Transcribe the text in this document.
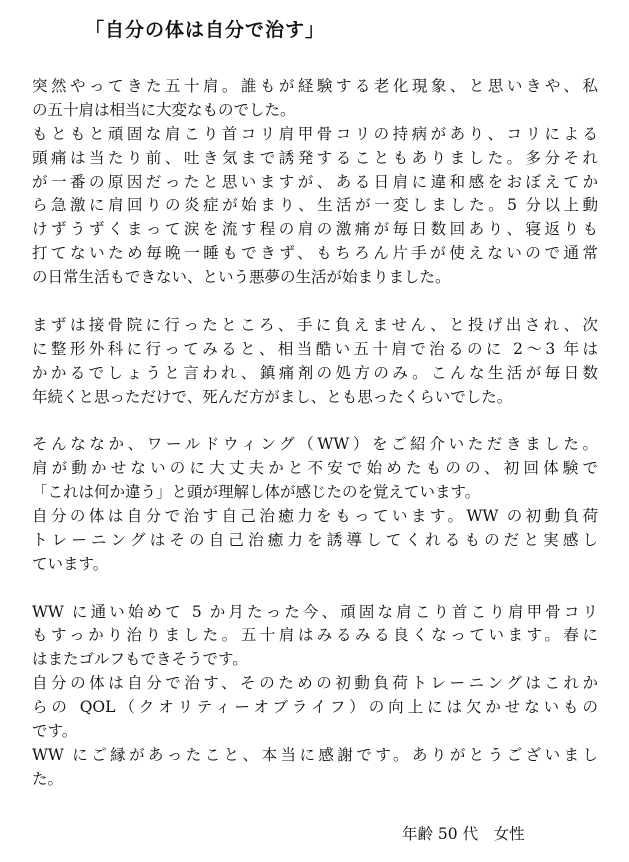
「自分の体は自分で治す」
突然やってきた五十肩。誰もが経験する老化現象、と思いきや、私
の五十肩は相当に大変なものでした。
もともと頑固な肩こり首コリ肩甲骨コリの持病があり、コリによる
頭痛は当たり前、吐き気まで誘発することもありました。多分それ
が一番の原因だったと思いますが、ある日肩に違和感をおぼえてか
ら急激に肩回りの炎症が始まり、生活が一変しました。5 分以上動
けずうずくまって涙を流す程の肩の激痛が毎日数回あり、寝返りも
打てないため毎晩一睡もできず、もちろん片手が使えないので通常
の日常生活もできない、という悪夢の生活が始まりました。
まずは接骨院に行ったところ、手に負えません、と投げ出され、次
に整形外科に行ってみると、相当酷い五十肩で治るのに 2〜3 年は
かかるでしょうと言われ、鎮痛剤の処方のみ。こんな生活が毎日数
年続くと思っただけで、死んだ方がまし、とも思ったくらいでした。
そんななか、ワールドウィング（WW）をご紹介いただきました。
肩が動かせないのに大丈夫かと不安で始めたものの、初回体験で
「これは何か違う」と頭が理解し体が感じたのを覚えています。
自分の体は自分で治す自己治癒力をもっています。WW の初動負荷
トレーニングはその自己治癒力を誘導してくれるものだと実感し
ています。
WW に通い始めて 5 か月たった今、頑固な肩こり首こり肩甲骨コリ
もすっかり治りました。五十肩はみるみる良くなっています。春に
はまたゴルフもできそうです。
自分の体は自分で治す、そのための初動負荷トレーニングはこれか
らの QOL（クオリティーオブライフ）の向上には欠かせないもの
です。
WW にご縁があったこと、本当に感謝です。ありがとうございまし
た。
年齢 50 代　女性
